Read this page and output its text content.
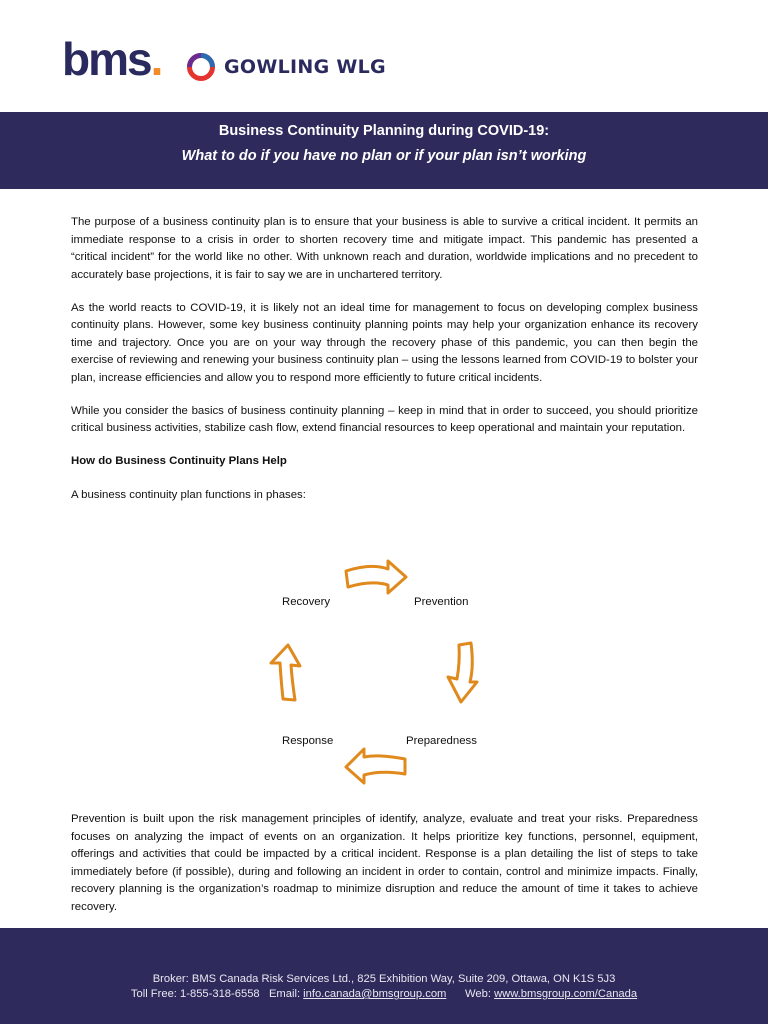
bms.	GOWLING WLG
Business Continuity Planning during COVID-19:
What to do if you have no plan or if your plan isn’t working

The purpose of a business continuity plan is to ensure that your business is able to survive a critical incident. It permits an immediate response to a crisis in order to shorten recovery time and mitigate impact. This pandemic has presented a “critical incident” for the world like no other. With unknown reach and duration, worldwide implications and no precedent to accurately base projections, it is fair to say we are in unchartered territory.

As the world reacts to COVID-19, it is likely not an ideal time for management to focus on developing complex business continuity plans. However, some key business continuity planning points may help your organization enhance its recovery time and trajectory. Once you are on your way through the recovery phase of this pandemic, you can then begin the exercise of reviewing and renewing your business continuity plan – using the lessons learned from COVID-19 to bolster your plan, increase efficiencies and allow you to respond more efficiently to future critical incidents.

While you consider the basics of business continuity planning – keep in mind that in order to succeed, you should prioritize critical business activities, stabilize cash flow, extend financial resources to keep operational and maintain your reputation.

How do Business Continuity Plans Help

A business continuity plan functions in phases:

Recovery	Prevention
Response	Preparedness
Prevention is built upon the risk management principles of identify, analyze, evaluate and treat your risks. Preparedness focuses on analyzing the impact of events on an organization. It helps prioritize key functions, personnel, equipment, offerings and activities that could be impacted by a critical incident. Response is a plan detailing the list of steps to take immediately before (if possible), during and following an incident in order to contain, control and minimize impacts. Finally, recovery planning is the organization’s roadmap to minimize disruption and reduce the amount of time it takes to achieve recovery.
Broker: BMS Canada Risk Services Ltd., 825 Exhibition Way, Suite 209, Ottawa, ON K1S 5J3
Toll Free: 1-855-318-6558 Email: info.canada@bmsgroup.com Web: www.bmsgroup.com/Canada
